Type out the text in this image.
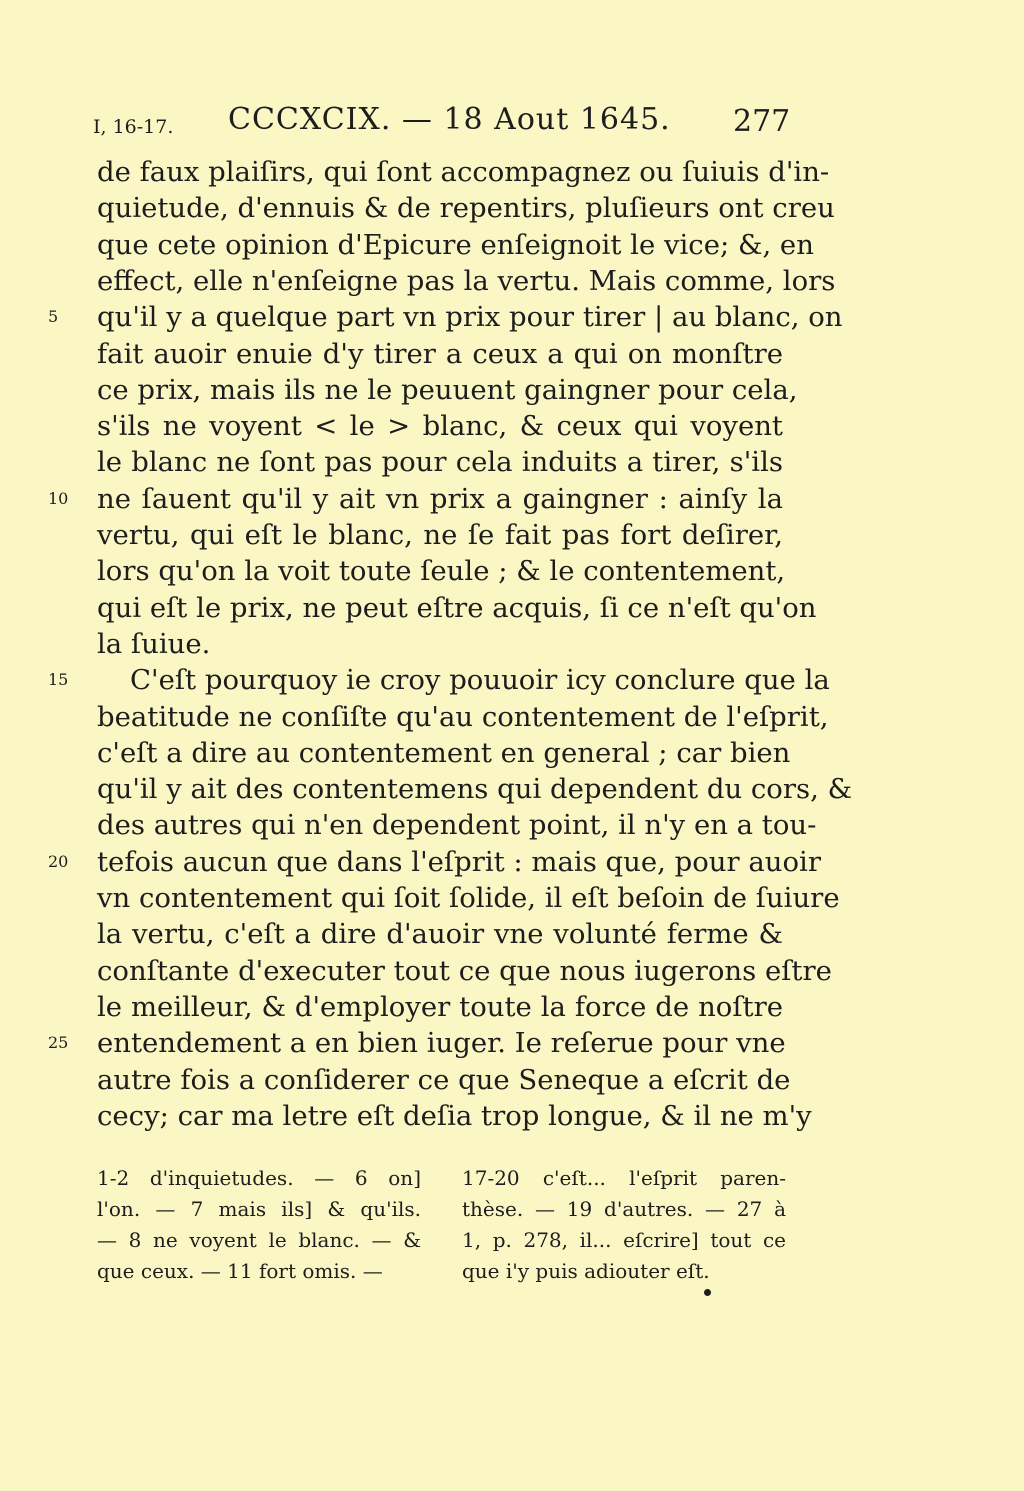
I, 16-17. CCCXCIX. — 18 Aout 1645. 277
de faux plaiſirs, qui ſont accompagnez ou ſuiuis d'in-
quietude, d'ennuis & de repentirs, pluſieurs ont creu
que cete opinion d'Epicure enſeignoit le vice; &, en
effect, elle n'enſeigne pas la vertu. Mais comme, lors
qu'il y a quelque part vn prix pour tirer | au blanc, on
5
fait auoir enuie d'y tirer a ceux a qui on monſtre
ce prix, mais ils ne le peuuent gaingner pour cela,
s'ils ne voyent < le > blanc, & ceux qui voyent
le blanc ne ſont pas pour cela induits a tirer, s'ils
ne ſauent qu'il y ait vn prix a gaingner : ainſy la
10
vertu, qui eſt le blanc, ne ſe fait pas fort deſirer,
lors qu'on la voit toute ſeule ; & le contentement,
qui eſt le prix, ne peut eſtre acquis, ſi ce n'eſt qu'on
la ſuiue.
C'eſt pourquoy ie croy pouuoir icy conclure que la
15
beatitude ne conſiſte qu'au contentement de l'eſprit,
c'eſt a dire au contentement en general ; car bien
qu'il y ait des contentemens qui dependent du cors, &
des autres qui n'en dependent point, il n'y en a tou-
tefois aucun que dans l'eſprit : mais que, pour auoir
20
vn contentement qui ſoit ſolide, il eſt beſoin de ſuiure
la vertu, c'eſt a dire d'auoir vne volunté ferme &
conſtante d'executer tout ce que nous iugerons eſtre
le meilleur, & d'employer toute la force de noſtre
entendement a en bien iuger. Ie reſerue pour vne
25
autre fois a conſiderer ce que Seneque a eſcrit de
cecy; car ma letre eſt deſia trop longue, & il ne m'y
1-2 d'inquietudes. — 6 on]
l'on. — 7 mais ils] & qu'ils.
— 8 ne voyent le blanc. — &
que ceux. — 11 fort omis. —
17-20 c'eſt... l'eſprit paren-
thèse. — 19 d'autres. — 27 à
1, p. 278, il... eſcrire] tout ce
que i'y puis adiouter eſt.
